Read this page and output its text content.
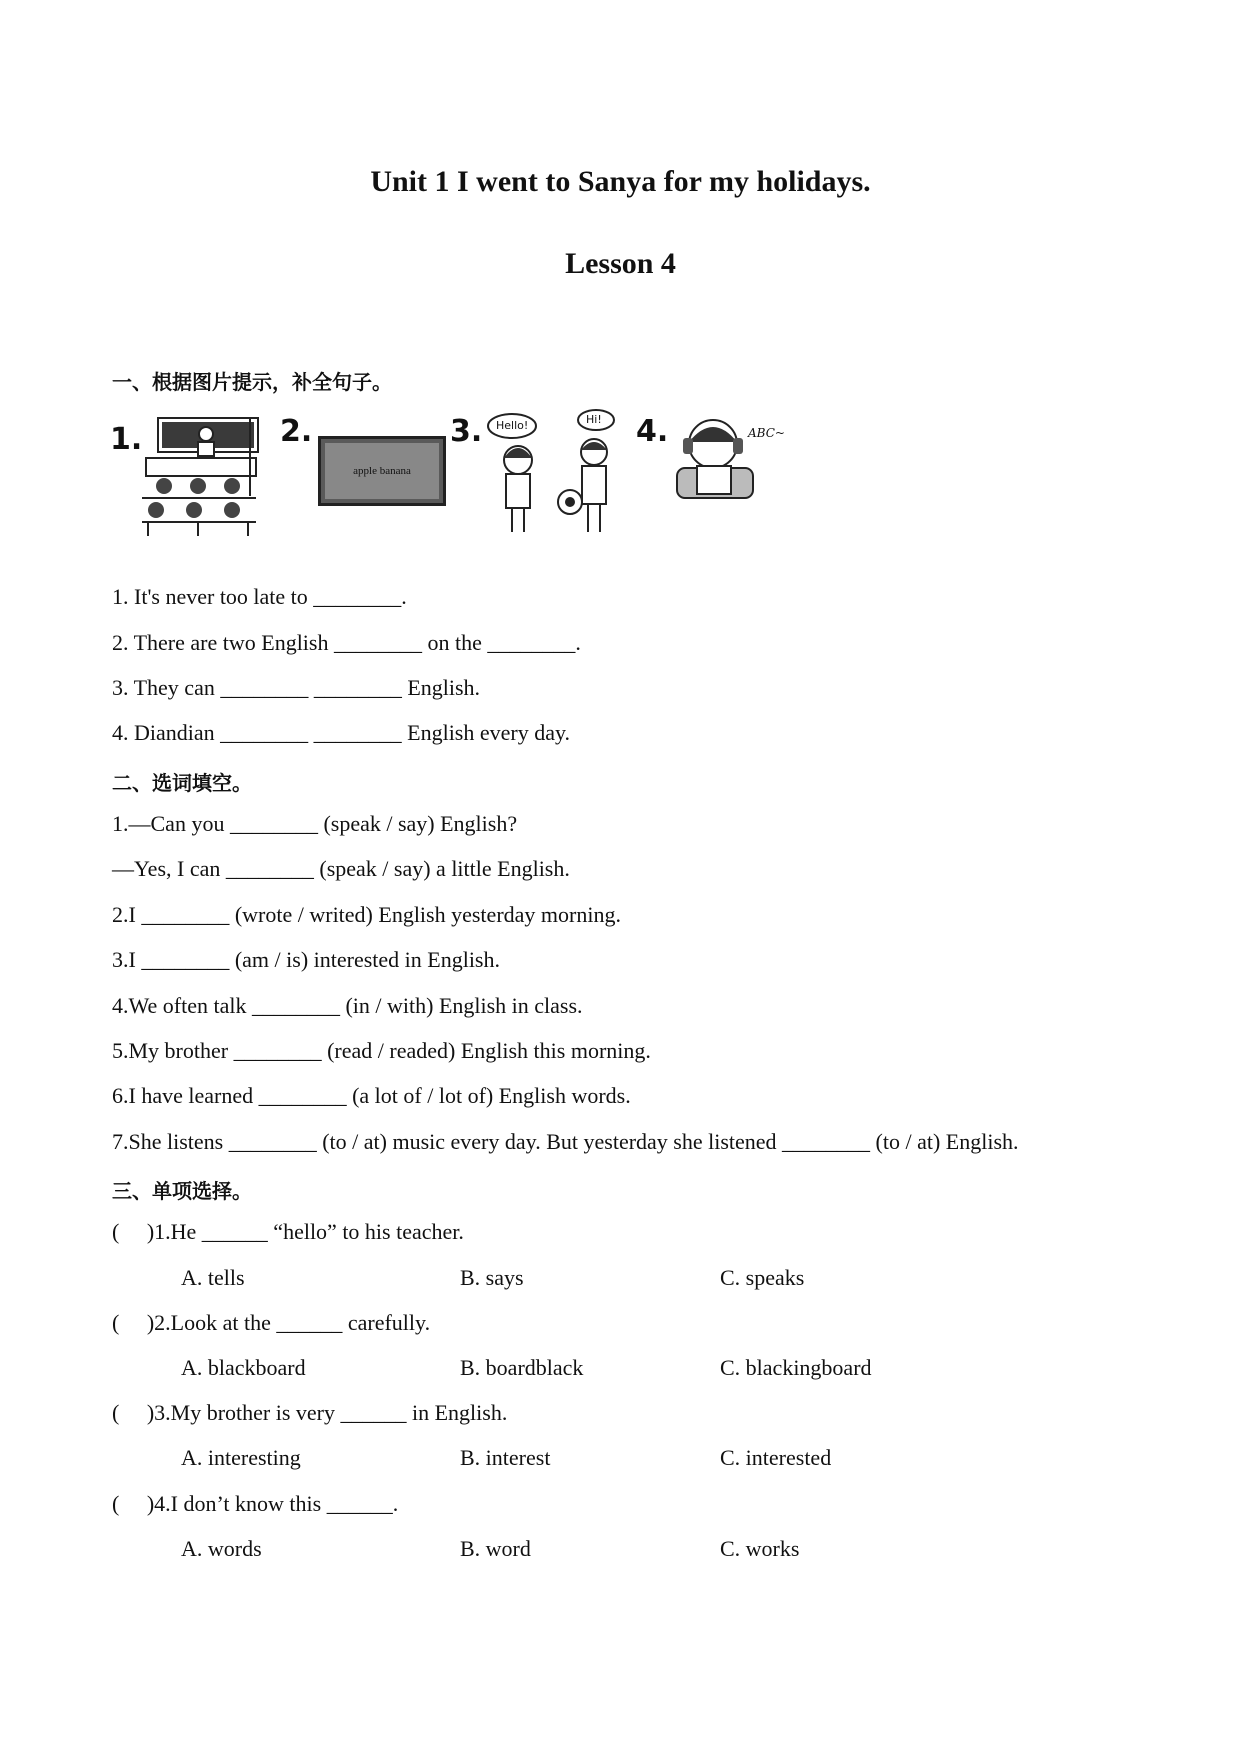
Unit 1 I went to Sanya for my holidays.
Lesson 4
一、根据图片提示，补全句子。
1.	2.	3.	4.
apple banana
Hello!	Hi!
ABC~
1. It's never too late to ________.
2. There are two English ________ on the ________.
3. They can ________ ________ English.
4. Diandian ________ ________ English every day.
二、选词填空。
1.—Can you ________ (speak / say) English?
—Yes, I can ________ (speak / say) a little English.
2.I ________ (wrote / writed) English yesterday morning.
3.I ________ (am / is) interested in English.
4.We often talk ________ (in / with) English in class.
5.My brother ________ (read / readed) English this morning.
6.I have learned ________ (a lot of / lot of) English words.
7.She listens ________ (to / at) music every day. But yesterday she listened ________ (to / at) English.
三、单项选择。
(     )1.He ______ “hello” to his teacher.
A. tells	B. says	C. speaks
(     )2.Look at the ______ carefully.
A. blackboard	B. boardblack	C. blackingboard
(     )3.My brother is very ______ in English.
A. interesting	B. interest	C. interested
(     )4.I don’t know this ______.
A. words	B. word	C. works
